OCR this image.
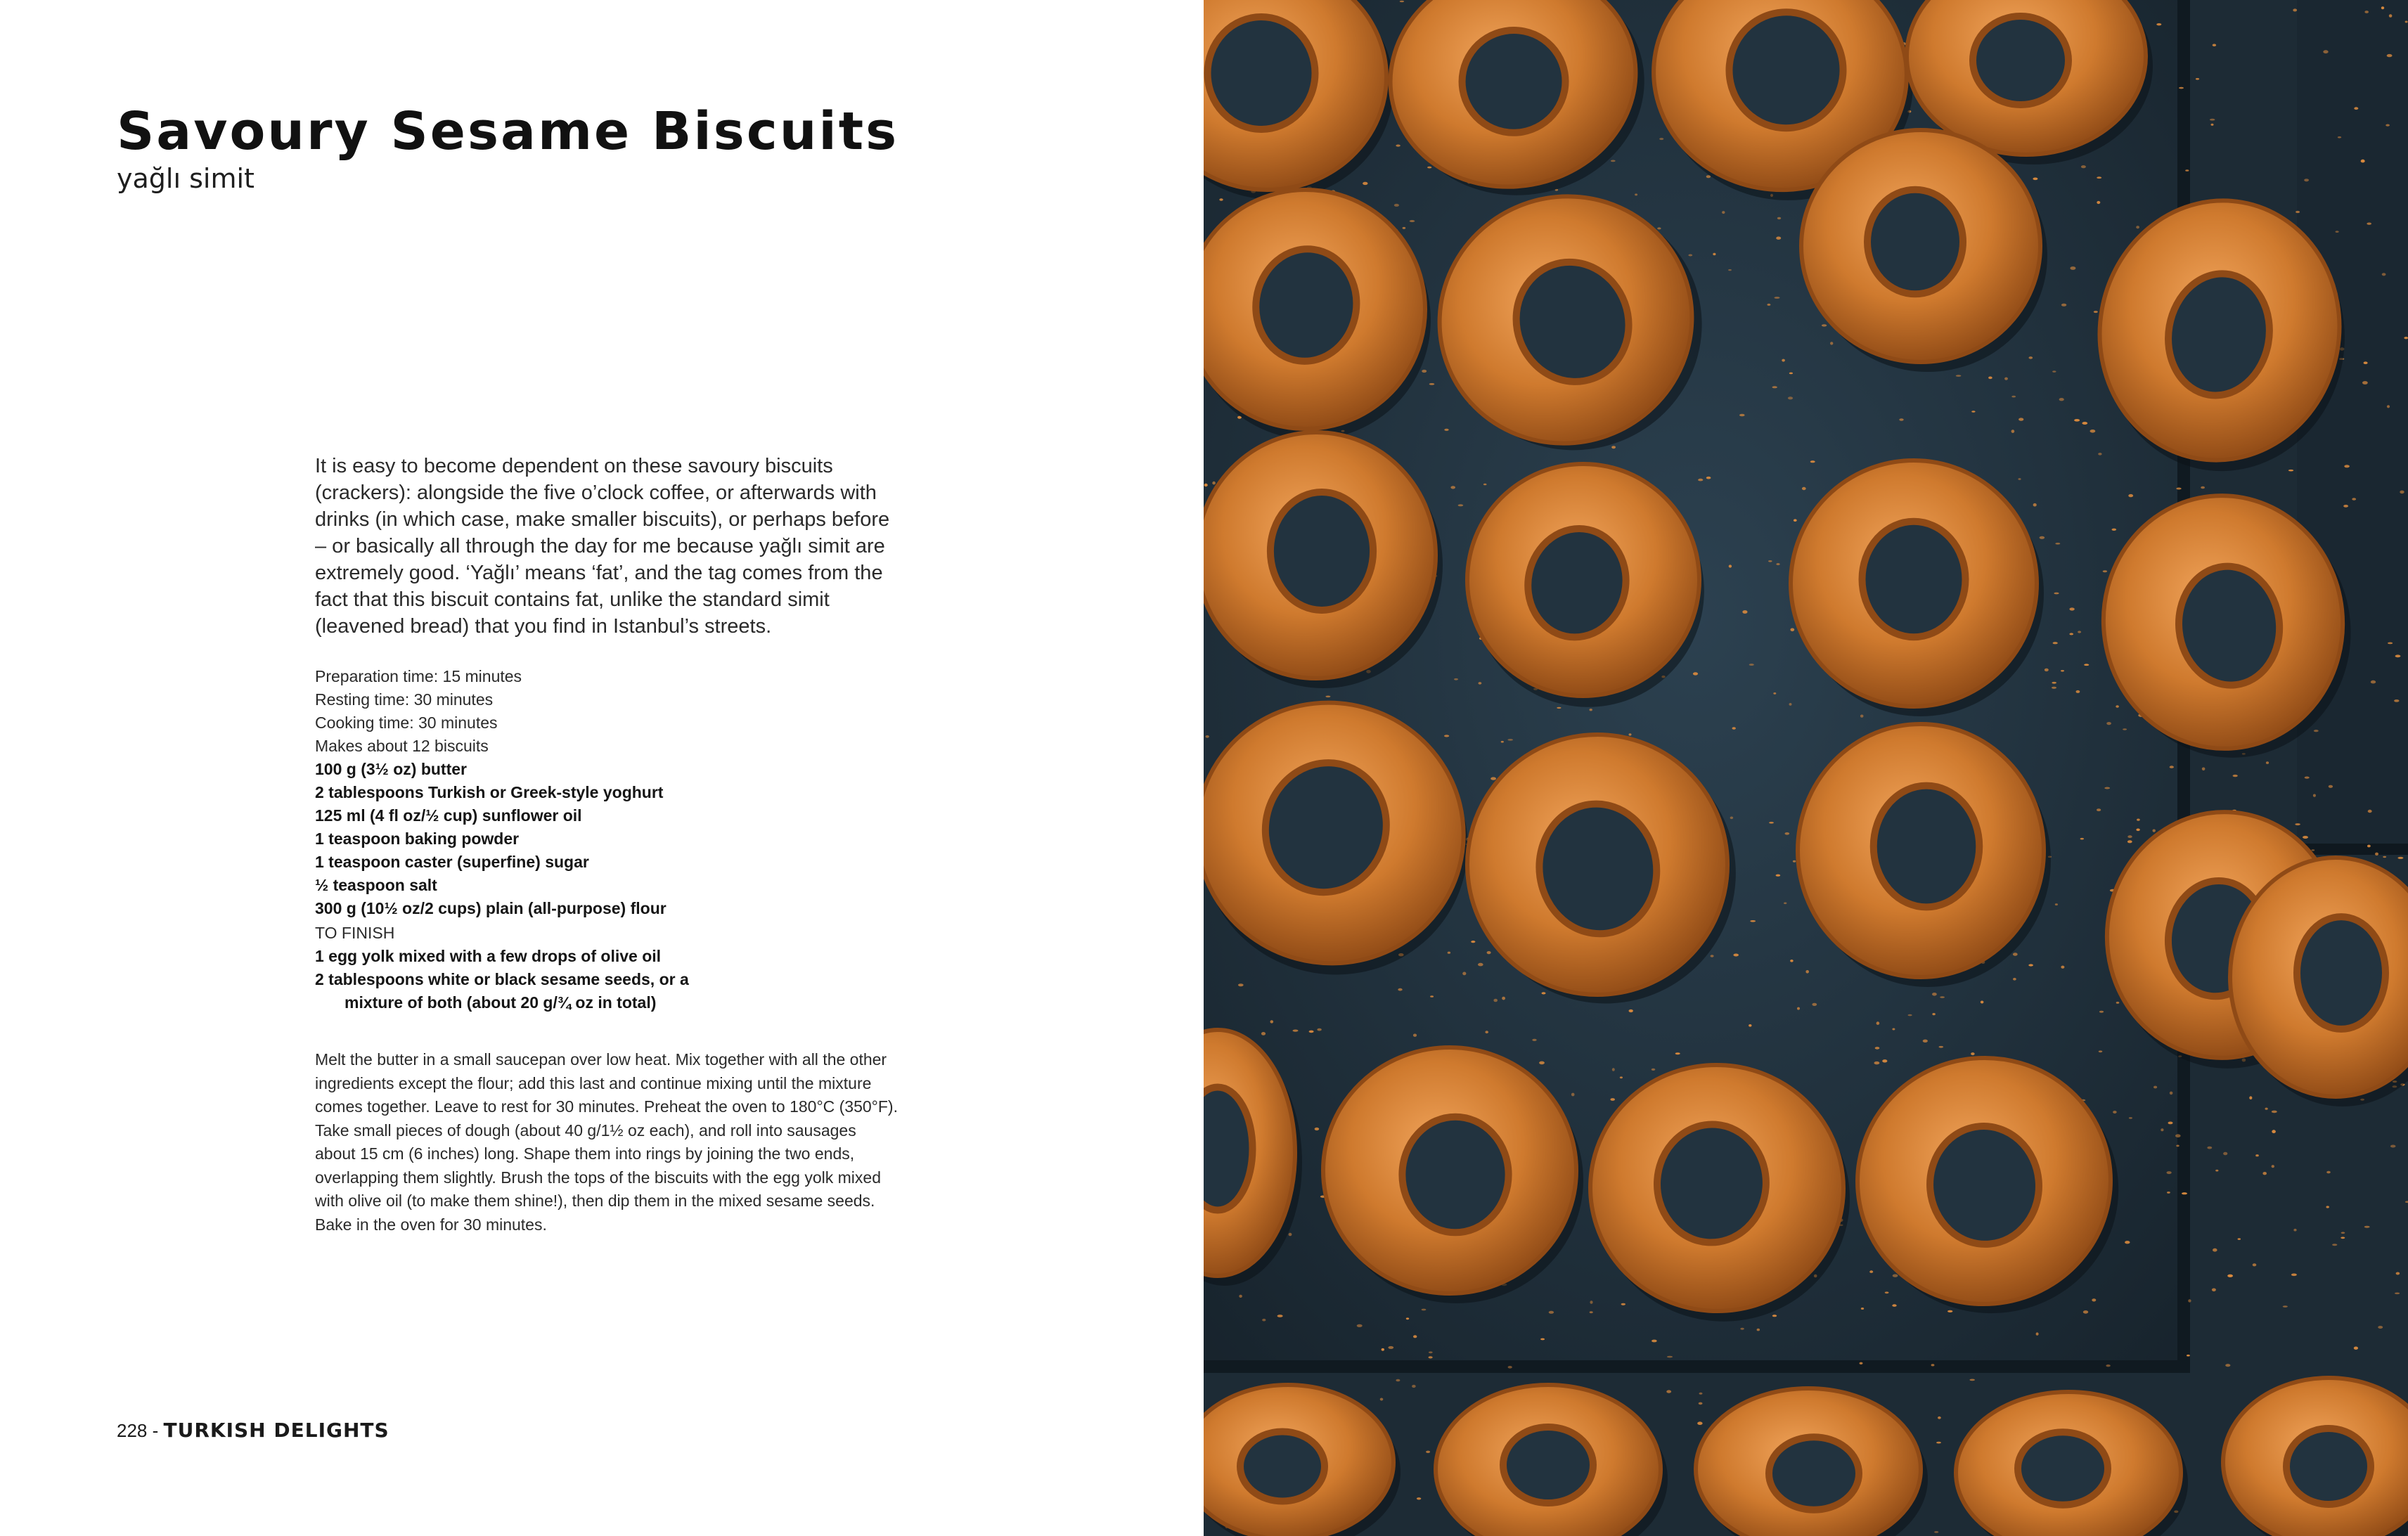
Savoury Sesame Biscuits
yağlı simit

It is easy to become dependent on these savoury biscuits (crackers): alongside the five o’clock coffee, or afterwards with drinks (in which case, make smaller biscuits), or perhaps before – or basically all through the day for me because yağlı simit are extremely good. ‘Yağlı’ means ‘fat’, and the tag comes from the fact that this biscuit contains fat, unlike the standard simit (leavened bread) that you find in Istanbul’s streets.

Preparation time: 15 minutes
Resting time: 30 minutes
Cooking time: 30 minutes
Makes about 12 biscuits
100 g (3½ oz) butter
2 tablespoons Turkish or Greek-style yoghurt
125 ml (4 fl oz/½ cup) sunflower oil
1 teaspoon baking powder
1 teaspoon caster (superfine) sugar
½ teaspoon salt
300 g (10½ oz/2 cups) plain (all-purpose) flour
TO FINISH
1 egg yolk mixed with a few drops of olive oil
2 tablespoons white or black sesame seeds, or a
mixture of both (about 20 g/¾ oz in total)

Melt the butter in a small saucepan over low heat. Mix together with all the other ingredients except the flour; add this last and continue mixing until the mixture comes together. Leave to rest for 30 minutes. Preheat the oven to 180°C (350°F). Take small pieces of dough (about 40 g/1½ oz each), and roll into sausages about 15 cm (6 inches) long. Shape them into rings by joining the two ends, overlapping them slightly. Brush the tops of the biscuits with the egg yolk mixed with olive oil (to make them shine!), then dip them in the mixed sesame seeds. Bake in the oven for 30 minutes.

228 - TURKISH DELIGHTS
